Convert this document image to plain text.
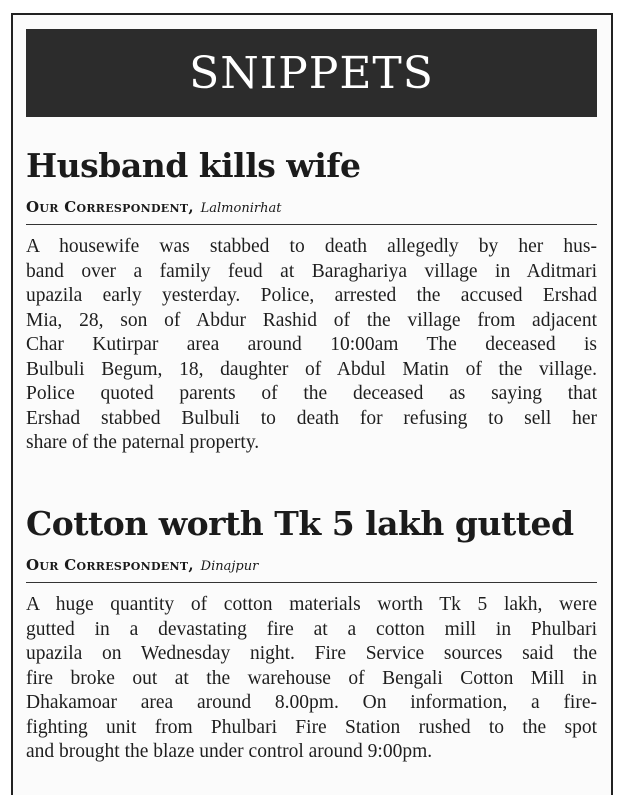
SNIPPETS
Husband kills wife
Our Correspondent, Lalmonirhat

A housewife was stabbed to death allegedly by her hus-
band over a family feud at Baraghariya village in Aditmari
upazila early yesterday. Police, arrested the accused Ershad
Mia, 28, son of Abdur Rashid of the village from adjacent
Char Kutirpar area around 10:00am The deceased is
Bulbuli Begum, 18, daughter of Abdul Matin of the village.
Police quoted parents of the deceased as saying that
Ershad stabbed Bulbuli to death for refusing to sell her
share of the paternal property.

Cotton worth Tk 5 lakh gutted
Our Correspondent, Dinajpur

A huge quantity of cotton materials worth Tk 5 lakh, were
gutted in a devastating fire at a cotton mill in Phulbari
upazila on Wednesday night. Fire Service sources said the
fire broke out at the warehouse of Bengali Cotton Mill in
Dhakamoar area around 8.00pm. On information, a fire-
fighting unit from Phulbari Fire Station rushed to the spot
and brought the blaze under control around 9:00pm.
